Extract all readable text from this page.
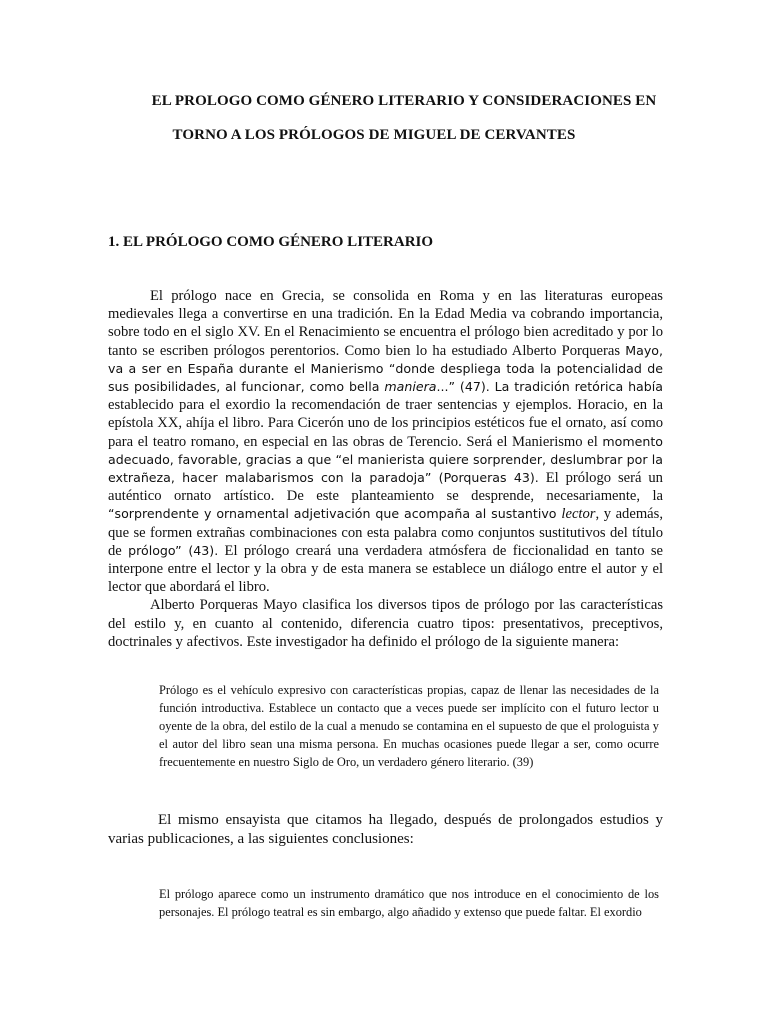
EL PROLOGO COMO GÉNERO LITERARIO Y CONSIDERACIONES EN
TORNO A LOS PRÓLOGOS DE MIGUEL DE CERVANTES
1. EL PRÓLOGO COMO GÉNERO LITERARIO

El prólogo nace en Grecia, se consolida en Roma y en las literaturas europeas medievales llega a convertirse en una tradición. En la Edad Media va cobrando importancia, sobre todo en el siglo XV. En el Renacimiento se encuentra el prólogo bien acreditado y por lo tanto se escriben prólogos perentorios. Como bien lo ha estudiado Alberto Porqueras Mayo, va a ser en España durante el Manierismo “donde despliega toda la potencialidad de sus posibilidades, al funcionar, como bella maniera...” (47). La tradición retórica había establecido para el exordio la recomendación de traer sentencias y ejemplos. Horacio, en la epístola XX, ahíja el libro. Para Cicerón uno de los principios estéticos fue el ornato, así como para el teatro romano, en especial en las obras de Terencio. Será el Manierismo el momento adecuado, favorable, gracias a que “el manierista quiere sorprender, deslumbrar por la extrañeza, hacer malabarismos con la paradoja” (Porqueras 43). El prólogo será un auténtico ornato artístico. De este planteamiento se desprende, necesariamente, la “sorprendente y ornamental adjetivación que acompaña al sustantivo lector, y además, que se formen extrañas combinaciones con esta palabra como conjuntos sustitutivos del título de prólogo” (43). El prólogo creará una verdadera atmósfera de ficcionalidad en tanto se interpone entre el lector y la obra y de esta manera se establece un diálogo entre el autor y el lector que abordará el libro.

Alberto Porqueras Mayo clasifica los diversos tipos de prólogo por las características del estilo y, en cuanto al contenido, diferencia cuatro tipos: presentativos, preceptivos, doctrinales y afectivos. Este investigador ha definido el prólogo de la siguiente manera:

Prólogo es el vehículo expresivo con características propias, capaz de llenar las necesidades de la función introductiva. Establece un contacto que a veces puede ser implícito con el futuro lector u oyente de la obra, del estilo de la cual a menudo se contamina en el supuesto de que el prologuista y el autor del libro sean una misma persona. En muchas ocasiones puede llegar a ser, como ocurre frecuentemente en nuestro Siglo de Oro, un verdadero género literario. (39)

El mismo ensayista que citamos ha llegado, después de prolongados estudios y varias publicaciones, a las siguientes conclusiones:

El prólogo aparece como un instrumento dramático que nos introduce en el conocimiento de los personajes. El prólogo teatral es sin embargo, algo añadido y extenso que puede faltar. El exordio
